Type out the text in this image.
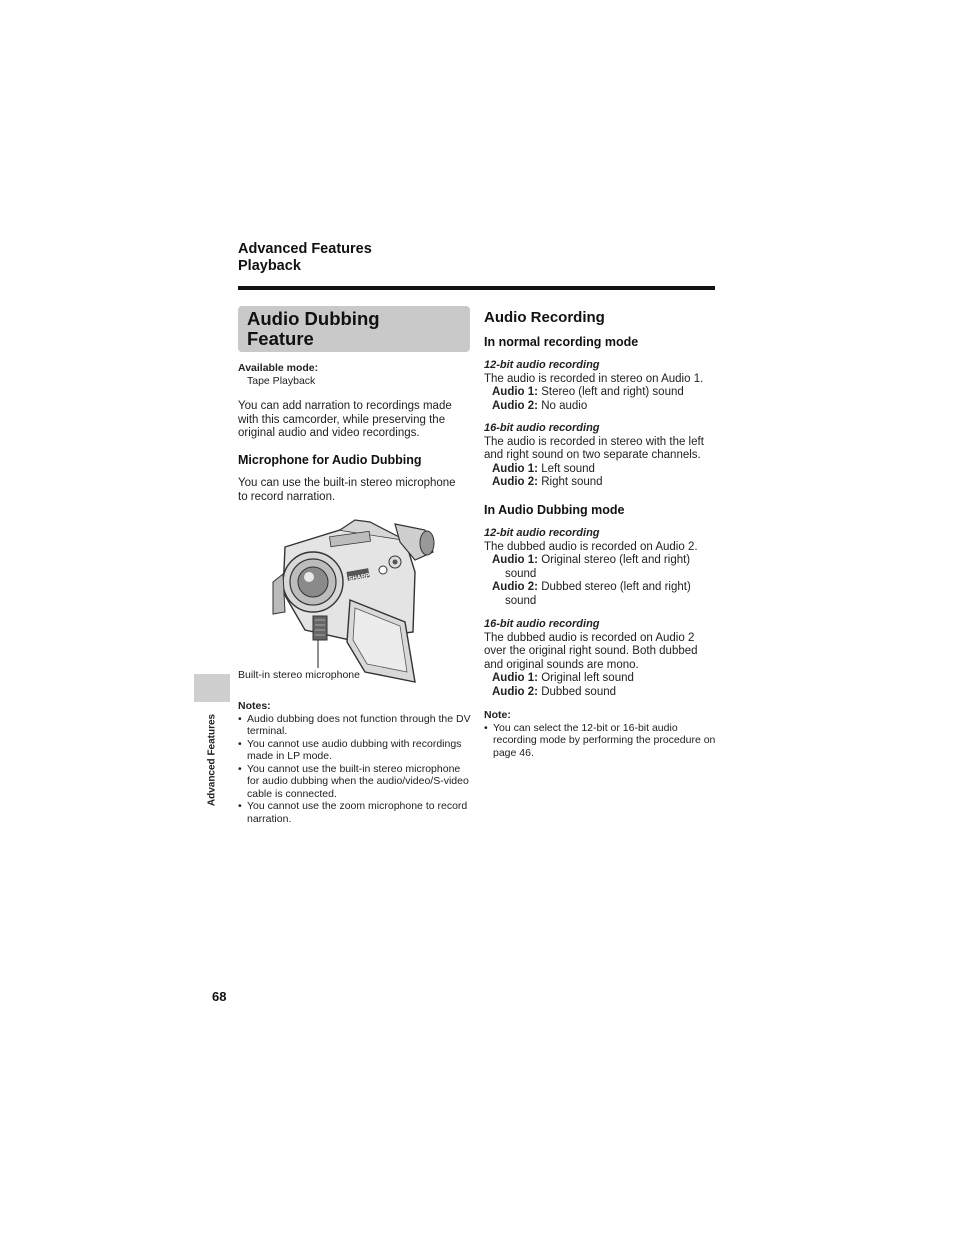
Advanced Features
Playback
Audio Dubbing
Feature
Available mode:
Tape Playback
You can add narration to recordings made
with this camcorder, while preserving the
original audio and video recordings.
Microphone for Audio Dubbing
You can use the built-in stereo microphone
to record narration.
SHARP
Built-in stereo microphone
Notes:
• Audio dubbing does not function through the DV terminal.
• You cannot use audio dubbing with recordings made in LP mode.
• You cannot use the built-in stereo microphone for audio dubbing when the audio/video/S-video cable is connected.
• You cannot use the zoom microphone to record narration.
Audio Recording
In normal recording mode
12-bit audio recording
The audio is recorded in stereo on Audio 1.
Audio 1: Stereo (left and right) sound
Audio 2: No audio
16-bit audio recording
The audio is recorded in stereo with the left
and right sound on two separate channels.
Audio 1: Left sound
Audio 2: Right sound
In Audio Dubbing mode
12-bit audio recording
The dubbed audio is recorded on Audio 2.
Audio 1: Original stereo (left and right)
sound
Audio 2: Dubbed stereo (left and right)
sound
16-bit audio recording
The dubbed audio is recorded on Audio 2
over the original right sound. Both dubbed
and original sounds are mono.
Audio 1: Original left sound
Audio 2: Dubbed sound
Note:
• You can select the 12-bit or 16-bit audio recording mode by performing the procedure on page 46.
Advanced Features
68
